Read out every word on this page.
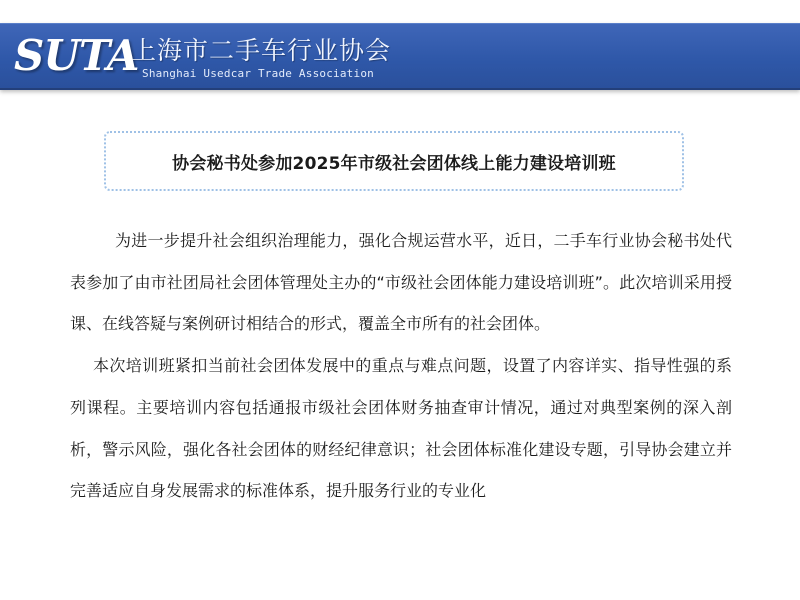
SUTA
上海市二手车行业协会
Shanghai Usedcar Trade Association
协会秘书处参加2025年市级社会团体线上能力建设培训班

为进一步提升社会组织治理能力，强化合规运营水平，近日，二手车行业协会秘书处代表参加了由市社团局社会团体管理处主办的“市级社会团体能力建设培训班”。此次培训采用授课、在线答疑与案例研讨相结合的形式，覆盖全市所有的社会团体。

本次培训班紧扣当前社会团体发展中的重点与难点问题，设置了内容详实、指导性强的系列课程。主要培训内容包括通报市级社会团体财务抽查审计情况，通过对典型案例的深入剖析，警示风险，强化各社会团体的财经纪律意识；社会团体标准化建设专题，引导协会建立并完善适应自身发展需求的标准体系，提升服务行业的专业化
